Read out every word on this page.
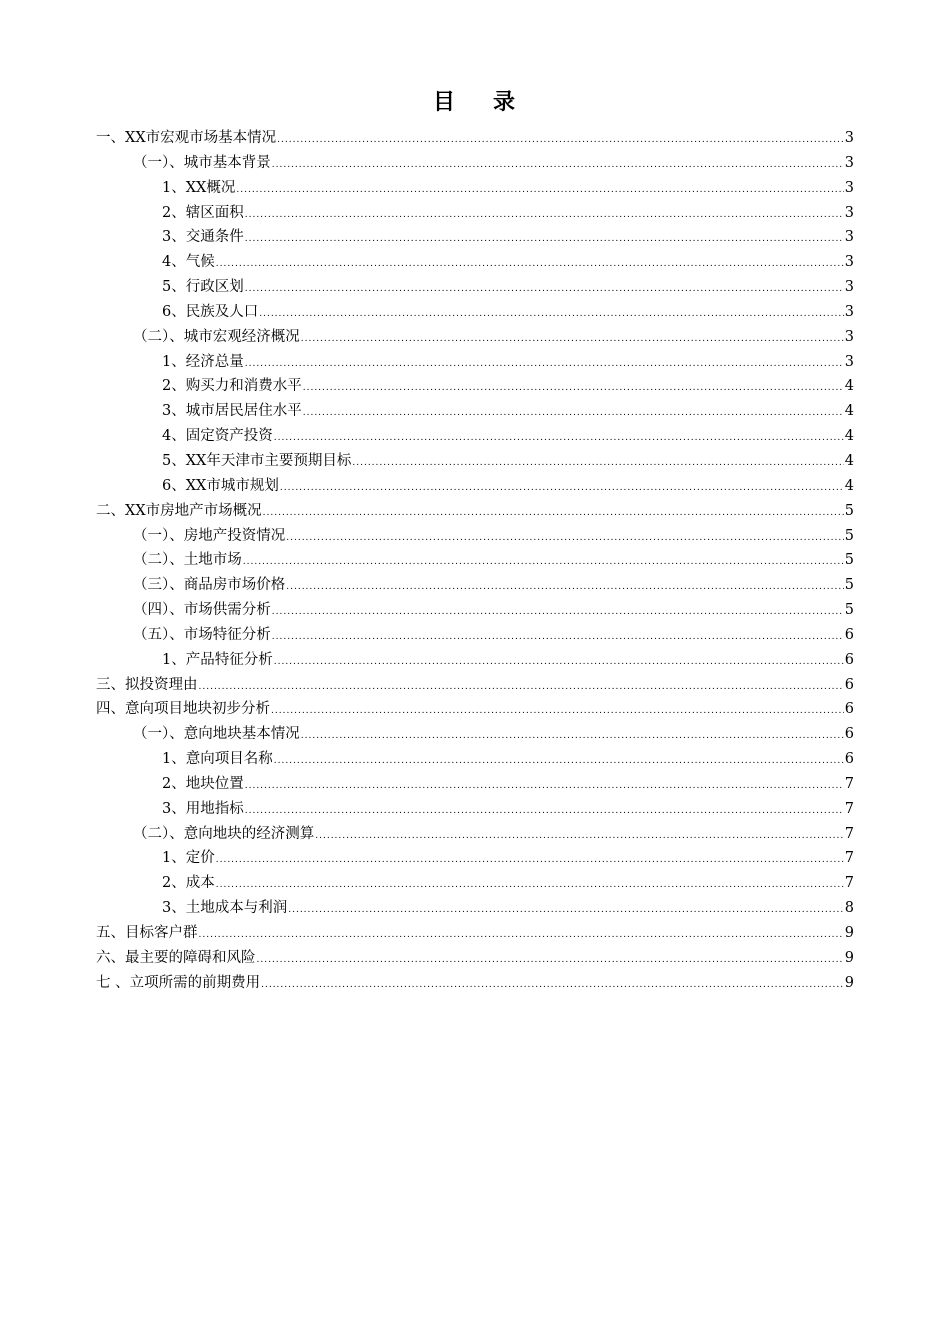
目 录
一、XX市宏观市场基本情况 .....	3
（一）、城市基本背景 .....	3
1、XX概况 .....	3
2、辖区面积 .....	3
3、交通条件 .....	3
4、气候 .....	3
5、行政区划 .....	3
6、民族及人口 .....	3
（二）、城市宏观经济概况 .....	3
1、经济总量 .....	3
2、购买力和消费水平 .....	4
3、城市居民居住水平 .....	4
4、固定资产投资 .....	4
5、XX年天津市主要预期目标 .....	4
6、XX市城市规划 .....	4
二、XX市房地产市场概况 .....	5
（一）、房地产投资情况 .....	5
（二）、土地市场 .....	5
（三）、商品房市场价格 .....	5
（四）、市场供需分析 .....	5
（五）、市场特征分析 .....	6
1、产品特征分析 .....	6
三、拟投资理由 .....	6
四、意向项目地块初步分析 .....	6
（一）、意向地块基本情况 .....	6
1、意向项目名称 .....	6
2、地块位置 .....	7
3、用地指标 .....	7
（二）、意向地块的经济测算 .....	7
1、定价 .....	7
2、成本 .....	7
3、土地成本与利润 .....	8
五、目标客户群 .....	9
六、最主要的障碍和风险 .....	9
七 、立项所需的前期费用 .....	9
